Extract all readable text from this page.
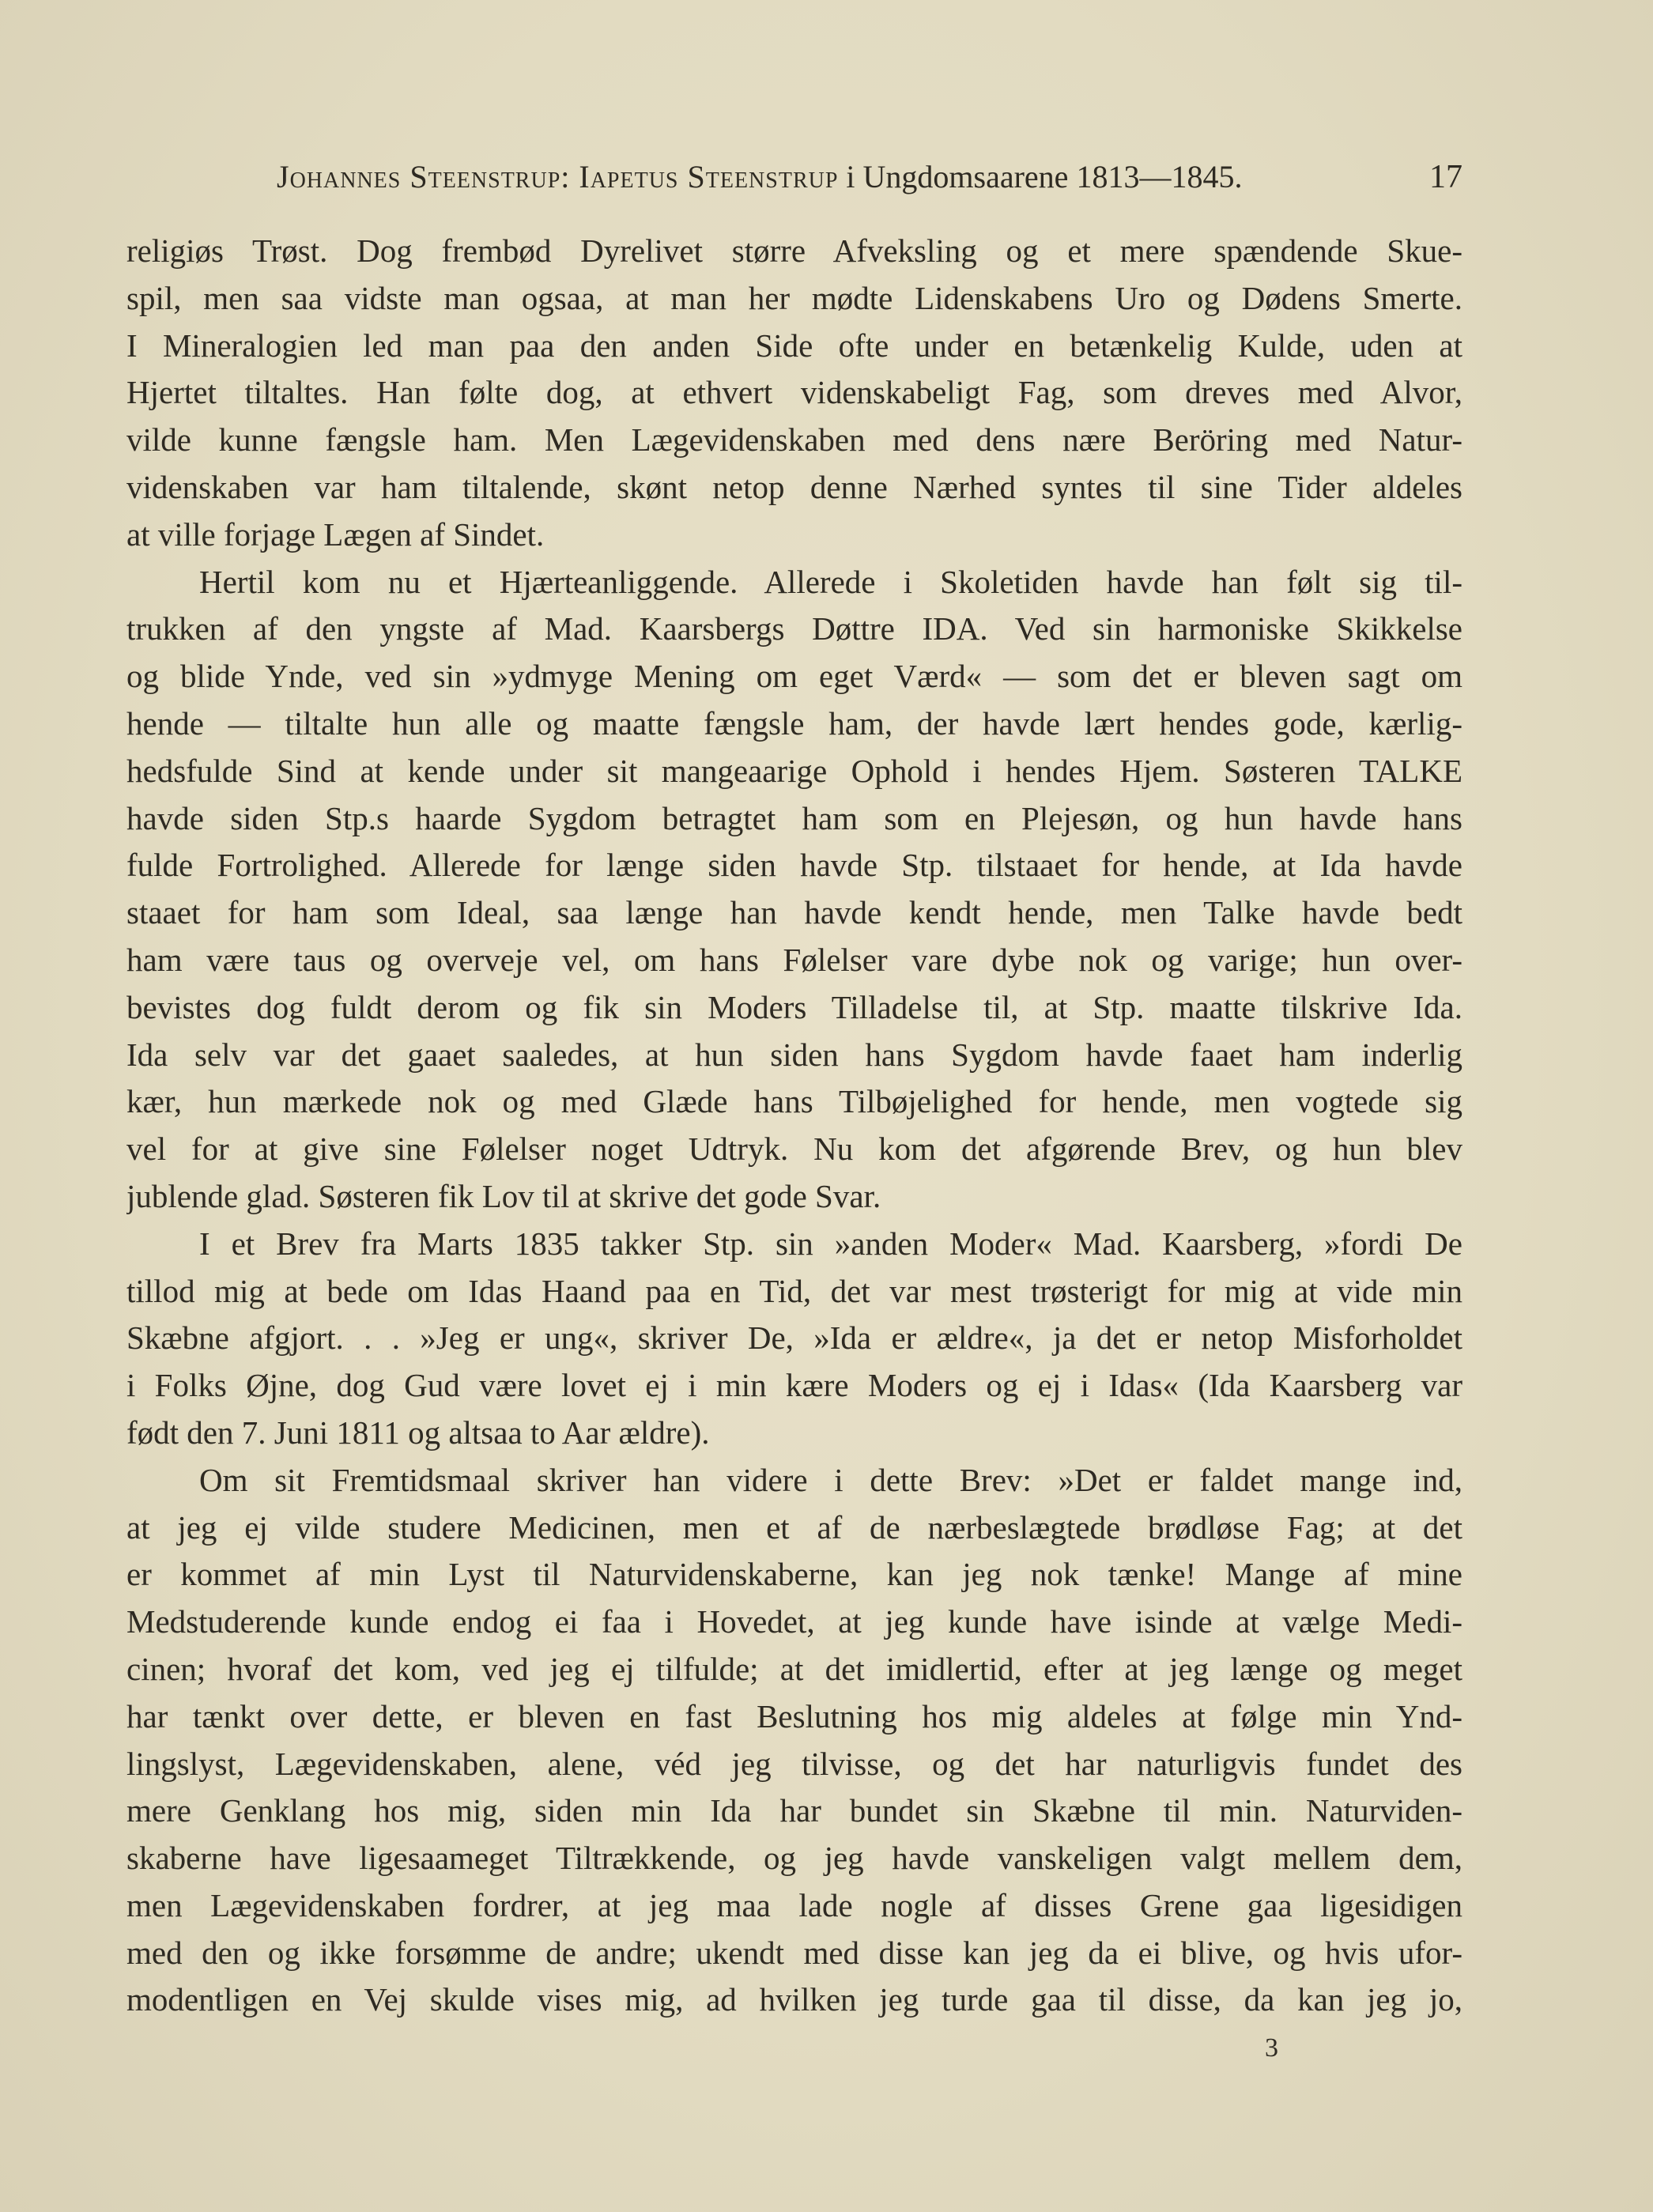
Johannes Steenstrup: Iapetus Steenstrup i Ungdomsaarene 1813—1845.	17
religiøs Trøst. Dog frembød Dyrelivet større Afveksling og et mere spændende Skue-
spil, men saa vidste man ogsaa, at man her mødte Lidenskabens Uro og Dødens Smerte.
I Mineralogien led man paa den anden Side ofte under en betænkelig Kulde, uden at
Hjertet tiltaltes. Han følte dog, at ethvert videnskabeligt Fag, som dreves med Alvor,
vilde kunne fængsle ham. Men Lægevidenskaben med dens nære Beröring med Natur-
videnskaben var ham tiltalende, skønt netop denne Nærhed syntes til sine Tider aldeles
at ville forjage Lægen af Sindet.
Hertil kom nu et Hjærteanliggende. Allerede i Skoletiden havde han følt sig til-
trukken af den yngste af Mad. Kaarsbergs Døttre IDA. Ved sin harmoniske Skikkelse
og blide Ynde, ved sin »ydmyge Mening om eget Værd« — som det er bleven sagt om
hende — tiltalte hun alle og maatte fængsle ham, der havde lært hendes gode, kærlig-
hedsfulde Sind at kende under sit mangeaarige Ophold i hendes Hjem. Søsteren TALKE
havde siden Stp.s haarde Sygdom betragtet ham som en Plejesøn, og hun havde hans
fulde Fortrolighed. Allerede for længe siden havde Stp. tilstaaet for hende, at Ida havde
staaet for ham som Ideal, saa længe han havde kendt hende, men Talke havde bedt
ham være taus og overveje vel, om hans Følelser vare dybe nok og varige; hun over-
bevistes dog fuldt derom og fik sin Moders Tilladelse til, at Stp. maatte tilskrive Ida.
Ida selv var det gaaet saaledes, at hun siden hans Sygdom havde faaet ham inderlig
kær, hun mærkede nok og med Glæde hans Tilbøjelighed for hende, men vogtede sig
vel for at give sine Følelser noget Udtryk. Nu kom det afgørende Brev, og hun blev
jublende glad. Søsteren fik Lov til at skrive det gode Svar.
I et Brev fra Marts 1835 takker Stp. sin »anden Moder« Mad. Kaarsberg, »fordi De
tillod mig at bede om Idas Haand paa en Tid, det var mest trøsterigt for mig at vide min
Skæbne afgjort. . . »Jeg er ung«, skriver De, »Ida er ældre«, ja det er netop Misforholdet
i Folks Øjne, dog Gud være lovet ej i min kære Moders og ej i Idas« (Ida Kaarsberg var
født den 7. Juni 1811 og altsaa to Aar ældre).
Om sit Fremtidsmaal skriver han videre i dette Brev: »Det er faldet mange ind,
at jeg ej vilde studere Medicinen, men et af de nærbeslægtede brødløse Fag; at det
er kommet af min Lyst til Naturvidenskaberne, kan jeg nok tænke! Mange af mine
Medstuderende kunde endog ei faa i Hovedet, at jeg kunde have isinde at vælge Medi-
cinen; hvoraf det kom, ved jeg ej tilfulde; at det imidlertid, efter at jeg længe og meget
har tænkt over dette, er bleven en fast Beslutning hos mig aldeles at følge min Ynd-
lingslyst, Lægevidenskaben, alene, véd jeg tilvisse, og det har naturligvis fundet des
mere Genklang hos mig, siden min Ida har bundet sin Skæbne til min. Naturviden-
skaberne have ligesaameget Tiltrækkende, og jeg havde vanskeligen valgt mellem dem,
men Lægevidenskaben fordrer, at jeg maa lade nogle af disses Grene gaa ligesidigen
med den og ikke forsømme de andre; ukendt med disse kan jeg da ei blive, og hvis ufor-
modentligen en Vej skulde vises mig, ad hvilken jeg turde gaa til disse, da kan jeg jo,
3
